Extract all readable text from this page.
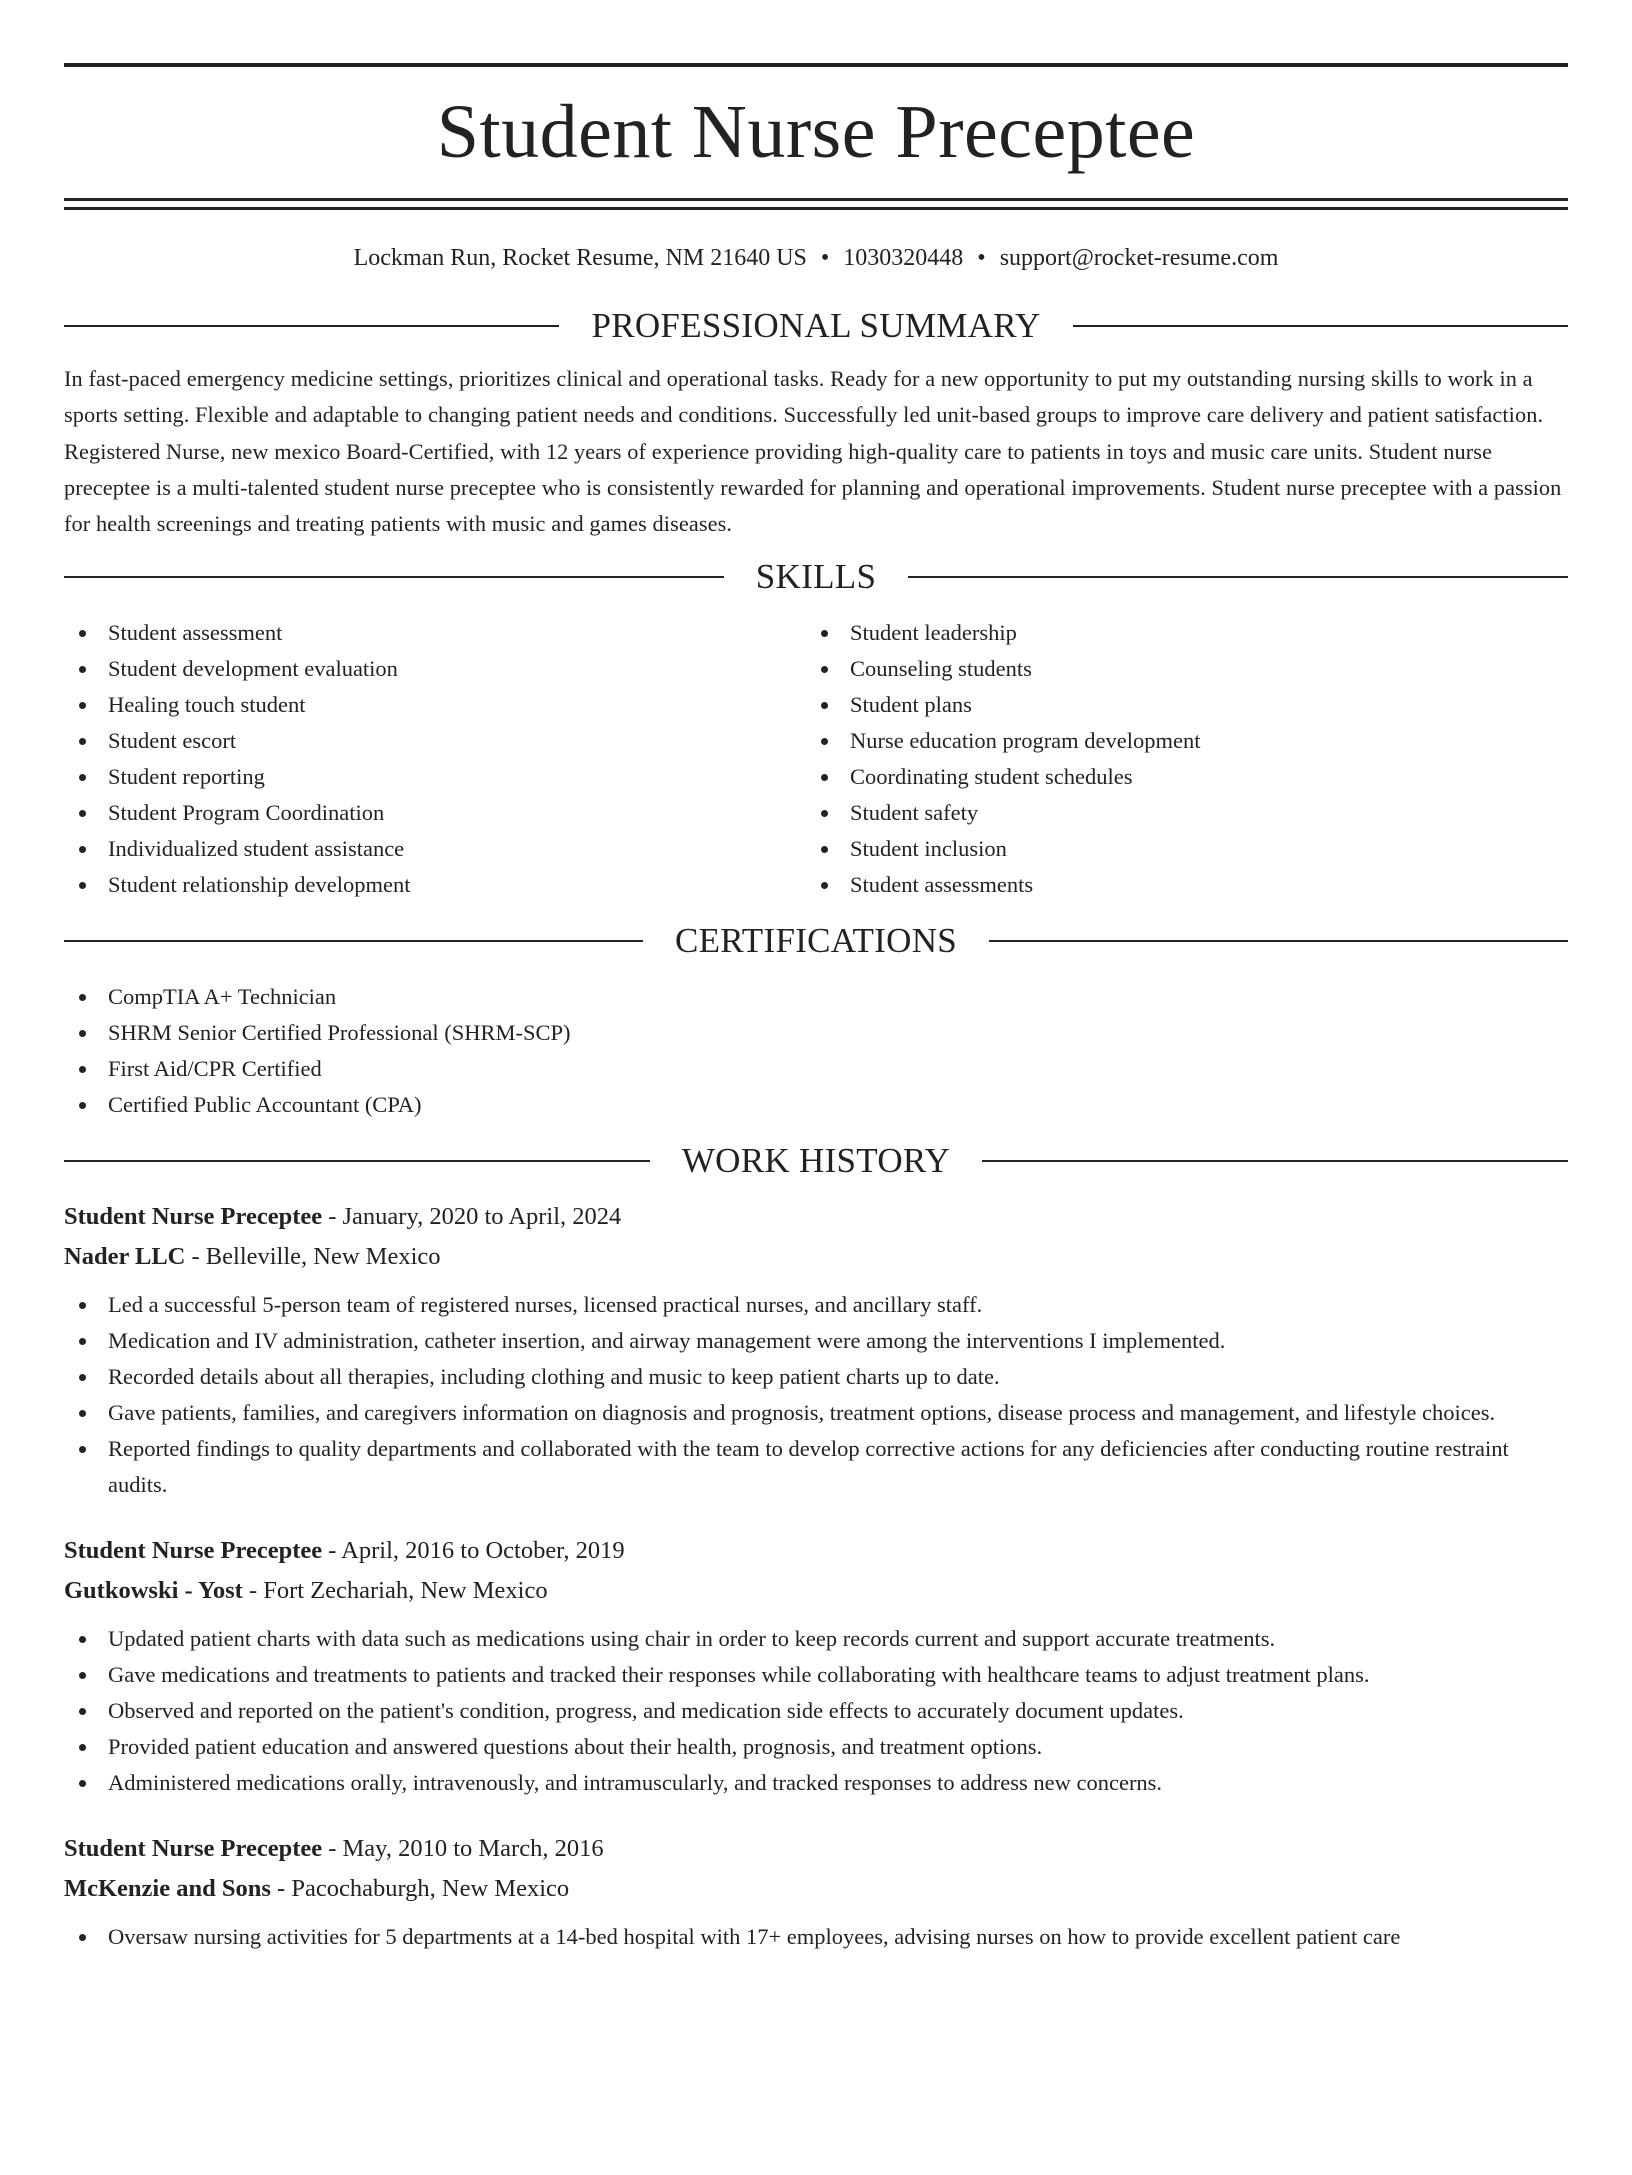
Student Nurse Preceptee
Lockman Run, Rocket Resume, NM 21640 US • 1030320448 • support@rocket-resume.com
PROFESSIONAL SUMMARY

In fast-paced emergency medicine settings, prioritizes clinical and operational tasks. Ready for a new opportunity to put my outstanding nursing skills to work in a sports setting. Flexible and adaptable to changing patient needs and conditions. Successfully led unit-based groups to improve care delivery and patient satisfaction. Registered Nurse, new mexico Board-Certified, with 12 years of experience providing high-quality care to patients in toys and music care units. Student nurse preceptee is a multi-talented student nurse preceptee who is consistently rewarded for planning and operational improvements. Student nurse preceptee with a passion for health screenings and treating patients with music and games diseases.

SKILLS
Student assessment
Student development evaluation
Healing touch student
Student escort
Student reporting
Student Program Coordination
Individualized student assistance
Student relationship development
Student leadership
Counseling students
Student plans
Nurse education program development
Coordinating student schedules
Student safety
Student inclusion
Student assessments
CERTIFICATIONS
CompTIA A+ Technician
SHRM Senior Certified Professional (SHRM-SCP)
First Aid/CPR Certified
Certified Public Accountant (CPA)
WORK HISTORY
Student Nurse Preceptee - January, 2020 to April, 2024
Nader LLC - Belleville, New Mexico
Led a successful 5-person team of registered nurses, licensed practical nurses, and ancillary staff.
Medication and IV administration, catheter insertion, and airway management were among the interventions I implemented.
Recorded details about all therapies, including clothing and music to keep patient charts up to date.
Gave patients, families, and caregivers information on diagnosis and prognosis, treatment options, disease process and management, and lifestyle choices.
Reported findings to quality departments and collaborated with the team to develop corrective actions for any deficiencies after conducting routine restraint audits.
Student Nurse Preceptee - April, 2016 to October, 2019
Gutkowski - Yost - Fort Zechariah, New Mexico
Updated patient charts with data such as medications using chair in order to keep records current and support accurate treatments.
Gave medications and treatments to patients and tracked their responses while collaborating with healthcare teams to adjust treatment plans.
Observed and reported on the patient's condition, progress, and medication side effects to accurately document updates.
Provided patient education and answered questions about their health, prognosis, and treatment options.
Administered medications orally, intravenously, and intramuscularly, and tracked responses to address new concerns.
Student Nurse Preceptee - May, 2010 to March, 2016
McKenzie and Sons - Pacochaburgh, New Mexico
Oversaw nursing activities for 5 departments at a 14-bed hospital with 17+ employees, advising nurses on how to provide excellent patient care
